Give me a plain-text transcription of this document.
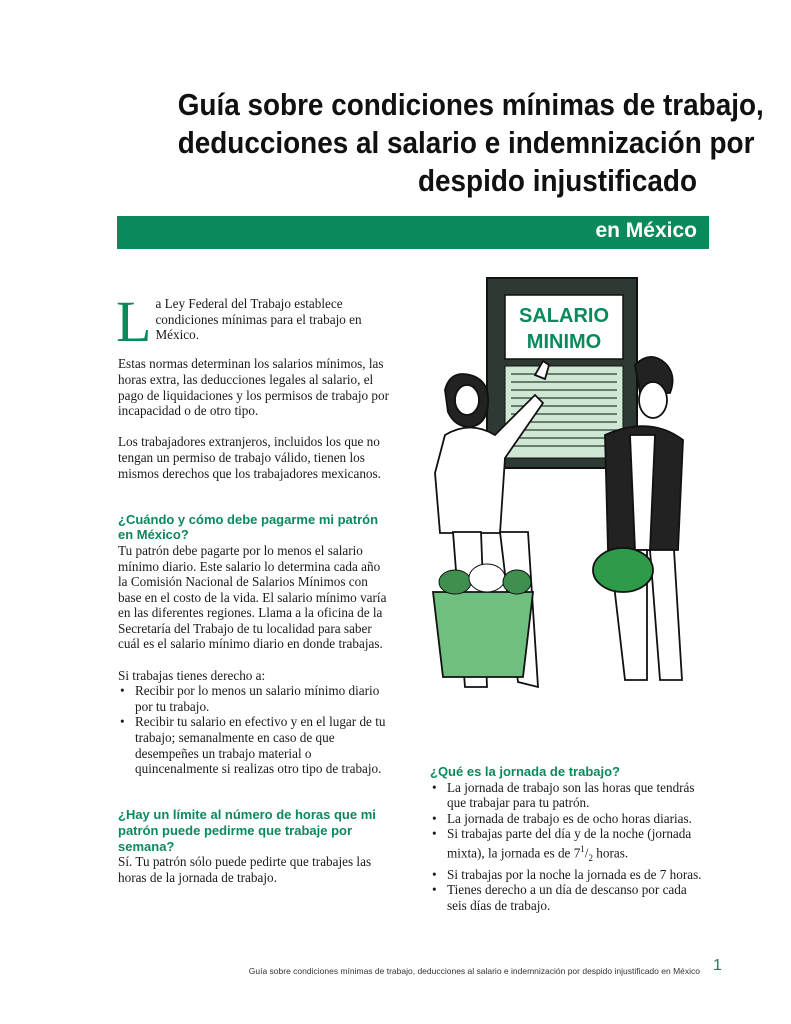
Guía sobre condiciones mínimas de trabajo,
deducciones al salario e indemnización por
despido injustificado
en México

L a Ley Federal del Trabajo establece condiciones mínimas para el trabajo en México.

Estas normas determinan los salarios mínimos, las horas extra, las deducciones legales al salario, el pago de liquidaciones y los permisos de trabajo por incapacidad o de otro tipo.

Los trabajadores extranjeros, incluidos los que no tengan un permiso de trabajo válido, tienen los mismos derechos que los trabajadores mexicanos.

¿Cuándo y cómo debe pagarme mi patrón en México?

Tu patrón debe pagarte por lo menos el salario mínimo diario. Este salario lo determina cada año la Comisión Nacional de Salarios Mínimos con base en el costo de la vida. El salario mínimo varía en las diferentes regiones. Llama a la oficina de la Secretaría del Trabajo de tu localidad para saber cuál es el salario mínimo diario en donde trabajas.

Si trabajas tienes derecho a:

• Recibir por lo menos un salario mínimo diario por tu trabajo.
• Recibir tu salario en efectivo y en el lugar de tu trabajo; semanalmente en caso de que desempeñes un trabajo material o quincenalmente si realizas otro tipo de trabajo.
¿Hay un límite al número de horas que mi patrón puede pedirme que trabaje por semana?

Sí. Tu patrón sólo puede pedirte que trabajes las horas de la jornada de trabajo.

¿Qué es la jornada de trabajo?
• La jornada de trabajo son las horas que tendrás que trabajar para tu patrón.
• La jornada de trabajo es de ocho horas diarias.
• Si trabajas parte del día y de la noche (jornada mixta), la jornada es de $7^1/_2$ horas.
• Si trabajas por la noche la jornada es de 7 horas.
• Tienes derecho a un día de descanso por cada seis días de trabajo.
SALARIO
MINIMO
Guía sobre condiciones mínimas de trabajo, deducciones al salario e indemnización por despido injustificado en México 1
